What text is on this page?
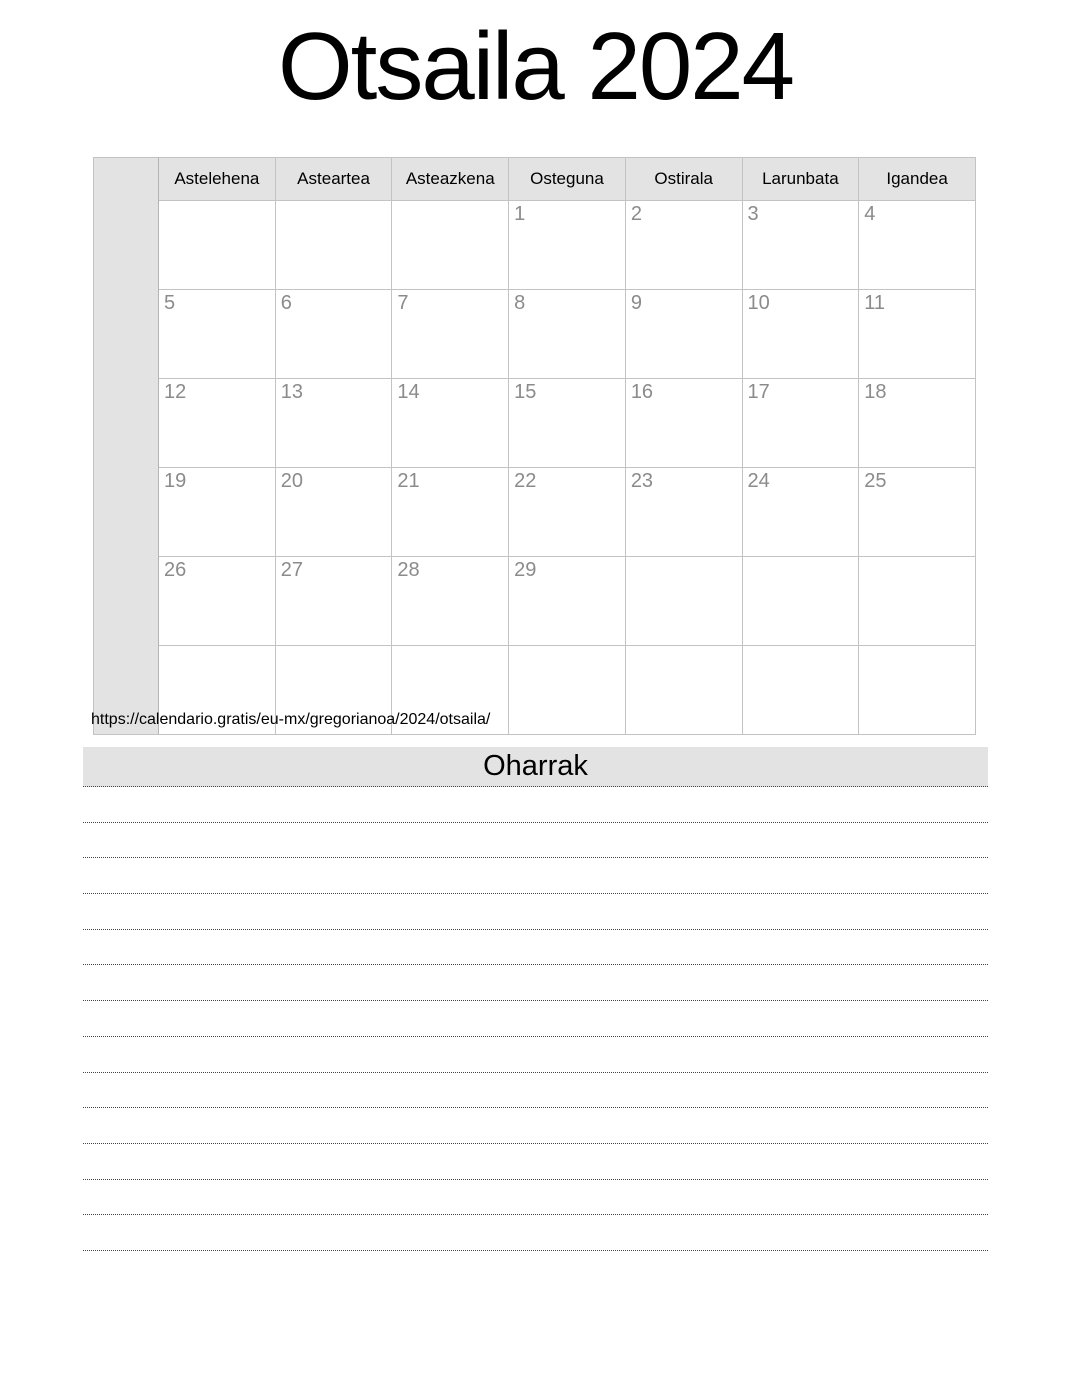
Otsaila 2024
	Astelehena	Asteartea	Asteazkena	Osteguna	Ostirala	Larunbata	Igandea
				1	2	3	4
	5	6	7	8	9	10	11
	12	13	14	15	16	17	18
	19	20	21	22	23	24	25
	26	27	28	29			

https://calendario.gratis/eu-mx/gregorianoa/2024/otsaila/
Oharrak
